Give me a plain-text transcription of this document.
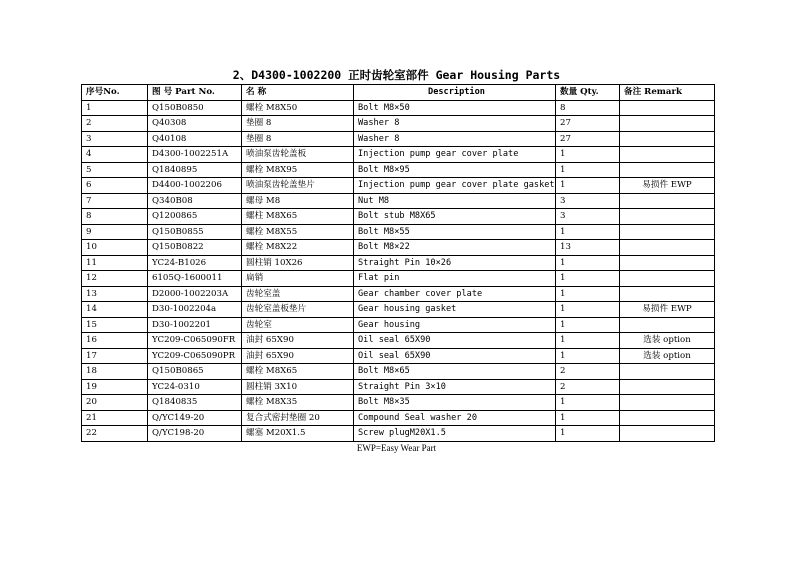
2、D4300-1002200 正时齿轮室部件 Gear Housing Parts
序号No.	图 号 Part No.	名 称	Description	数量 Qty.	备注 Remark
1	Q150B0850	螺栓 M8X50	Bolt M8×50	8	
2	Q40308	垫圈 8	Washer 8	27	
3	Q40108	垫圈 8	Washer 8	27	
4	D4300-1002251A	喷油泵齿轮盖板	Injection pump gear cover plate	1	
5	Q1840895	螺栓 M8X95	Bolt M8×95	1	
6	D4400-1002206	喷油泵齿轮盖垫片	Injection pump gear cover plate gasket	1	易损件 EWP
7	Q340B08	螺母 M8	Nut M8	3	
8	Q1200865	螺柱 M8X65	Bolt stub M8X65	3	
9	Q150B0855	螺栓 M8X55	Bolt M8×55	1	
10	Q150B0822	螺栓 M8X22	Bolt M8×22	13	
11	YC24-B1026	圆柱销 10X26	Straight Pin 10×26	1	
12	6105Q-1600011	扁销	Flat pin	1	
13	D2000-1002203A	齿轮室盖	Gear chamber cover plate	1	
14	D30-1002204a	齿轮室盖板垫片	Gear housing gasket	1	易损件 EWP
15	D30-1002201	齿轮室	Gear housing	1	
16	YC209-C065090FR	油封 65X90	Oil seal 65X90	1	选装 option
17	YC209-C065090PR	油封 65X90	Oil seal 65X90	1	选装 option
18	Q150B0865	螺栓 M8X65	Bolt M8×65	2	
19	YC24-0310	圆柱销 3X10	Straight Pin 3×10	2	
20	Q1840835	螺栓 M8X35	Bolt M8×35	1	
21	Q/YC149-20	复合式密封垫圈 20	Compound Seal washer 20	1	
22	Q/YC198-20	螺塞 M20X1.5	Screw plugM20X1.5	1	
EWP=Easy Wear Part
